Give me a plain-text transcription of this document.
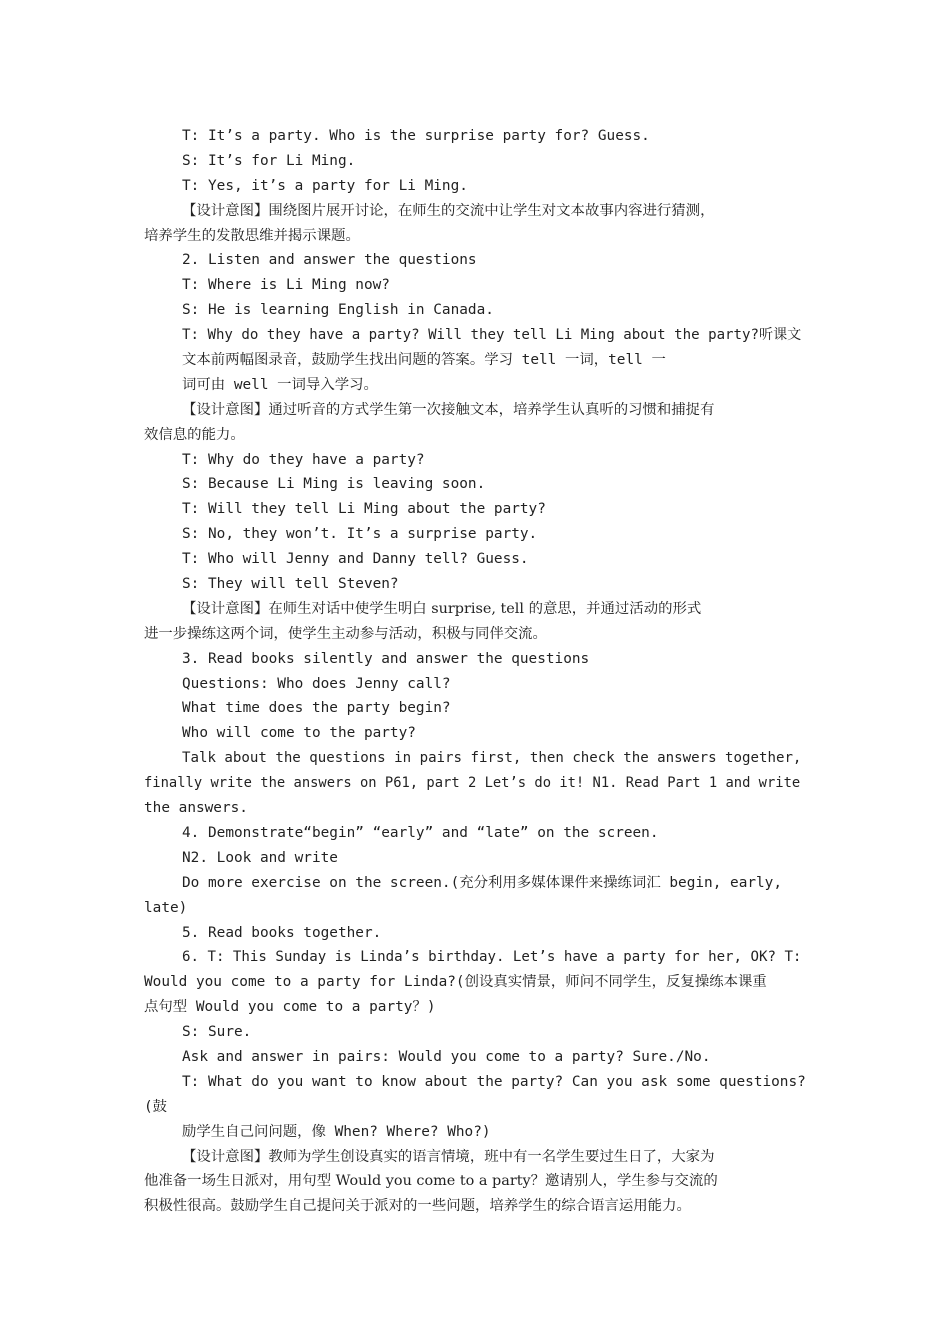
T: It’s a party. Who is the surprise party for? Guess.
S: It’s for Li Ming.
T: Yes, it’s a party for Li Ming.
【设计意图】围绕图片展开讨论，在师生的交流中让学生对文本故事内容进行猜测，
培养学生的发散思维并揭示课题。
2. Listen and answer the questions
T: Where is Li Ming now?
S: He is learning English in Canada.
T: Why do they have a party? Will they tell Li Ming about the party?听课文
文本前两幅图录音，鼓励学生找出问题的答案。学习 tell 一词，tell 一
词可由 well 一词导入学习。
【设计意图】通过听音的方式学生第一次接触文本，培养学生认真听的习惯和捕捉有
效信息的能力。
T: Why do they have a party?
S: Because Li Ming is leaving soon.
T: Will they tell Li Ming about the party?
S: No, they won’t. It’s a surprise party.
T: Who will Jenny and Danny tell? Guess.
S: They will tell Steven?
【设计意图】在师生对话中使学生明白 surprise, tell 的意思，并通过活动的形式
进一步操练这两个词，使学生主动参与活动，积极与同伴交流。
3. Read books silently and answer the questions
Questions: Who does Jenny call?
What time does the party begin?
Who will come to the party?
Talk about the questions in pairs first, then check the answers together,
finally write the answers on P61, part 2 Let’s do it! N1. Read Part 1 and write
the answers.
4. Demonstrate“begin” “early” and “late” on the screen.
N2. Look and write
Do more exercise on the screen.(充分利用多媒体课件来操练词汇 begin, early,
late)
5. Read books together.
6. T: This Sunday is Linda’s birthday. Let’s have a party for her, OK? T:
Would you come to a party for Linda?(创设真实情景，师问不同学生，反复操练本课重
点句型 Would you come to a party？)
S: Sure.
Ask and answer in pairs: Would you come to a party? Sure./No.
T: What do you want to know about the party? Can you ask some questions?
(鼓
励学生自己问问题，像 When? Where? Who?)
【设计意图】教师为学生创设真实的语言情境，班中有一名学生要过生日了，大家为
他准备一场生日派对，用句型 Would you come to a party？邀请别人，学生参与交流的
积极性很高。鼓励学生自己提问关于派对的一些问题，培养学生的综合语言运用能力。
